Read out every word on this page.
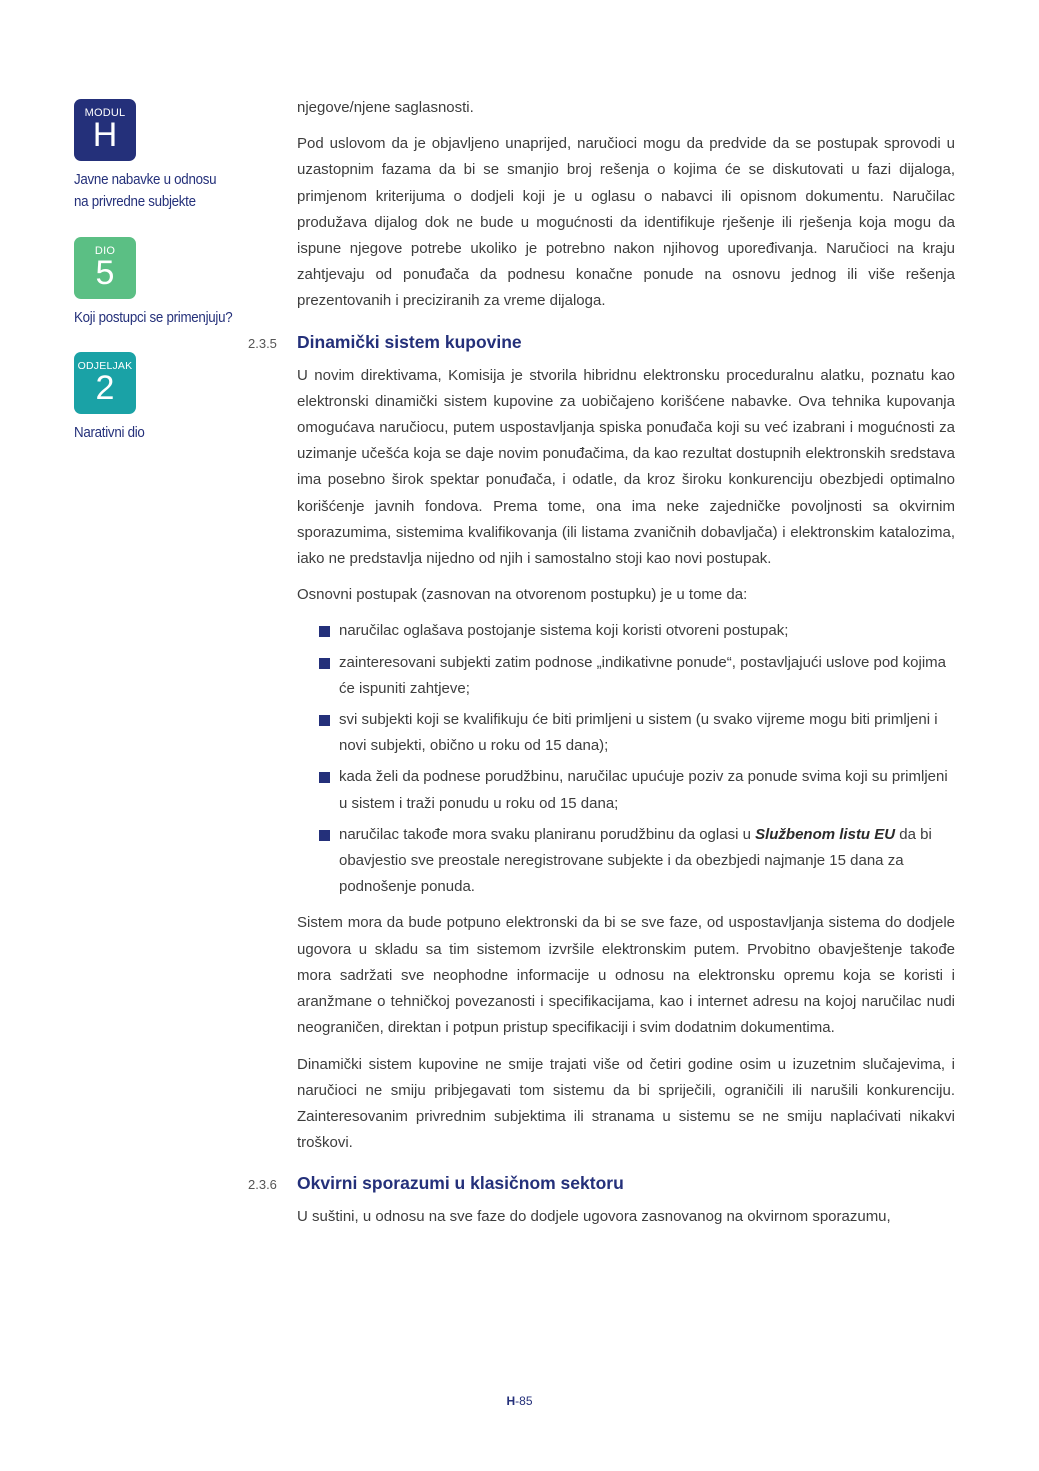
MODUL
H
Javne nabavke u odnosu
na privredne subjekte
DIO
5
Koji postupci se primenjuju?
ODJELJAK
2
Narativni dio

njegove/njene saglasnosti.

Pod uslovom da je objavljeno unaprijed, naručioci mogu da predvide da se postupak sprovodi u uzastopnim fazama da bi se smanjio broj rešenja o kojima će se diskutovati u fazi dijaloga, primjenom kriterijuma o dodjeli koji je u oglasu o nabavci ili opisnom dokumentu. Naručilac produžava dijalog dok ne bude u mogućnosti da identifikuje rješenje ili rješenja koja mogu da ispune njegove potrebe ukoliko je potrebno nakon njihovog upoređivanja. Naručioci na kraju zahtjevaju od ponuđača da podnesu konačne ponude na osnovu jednog ili više rešenja prezentovanih i preciziranih za vreme dijaloga.

2.3.5 Dinamički sistem kupovine

U novim direktivama, Komisija je stvorila hibridnu elektronsku proceduralnu alatku, poznatu kao elektronski dinamički sistem kupovine za uobičajeno korišćene nabavke. Ova tehnika kupovanja omogućava naručiocu, putem uspostavljanja spiska ponuđača koji su već izabrani i mogućnosti za uzimanje učešća koja se daje novim ponuđačima, da kao rezultat dostupnih elektronskih sredstava ima posebno širok spektar ponuđača, i odatle, da kroz široku konkurenciju obezbjedi optimalno korišćenje javnih fondova. Prema tome, ona ima neke zajedničke povoljnosti sa okvirnim sporazumima, sistemima kvalifikovanja (ili listama zvaničnih dobavljača) i elektronskim katalozima, iako ne predstavlja nijedno od njih i samostalno stoji kao novi postupak.

Osnovni postupak (zasnovan na otvorenom postupku) je u tome da:

naručilac oglašava postojanje sistema koji koristi otvoreni postupak;
zainteresovani subjekti zatim podnose „indikativne ponude“, postavljajući uslove pod kojima će ispuniti zahtjeve;
svi subjekti koji se kvalifikuju će biti primljeni u sistem (u svako vijreme mogu biti primljeni i novi subjekti, obično u roku od 15 dana);
kada želi da podnese porudžbinu, naručilac upućuje poziv za ponude svima koji su primljeni u sistem i traži ponudu u roku od 15 dana;
naručilac takođe mora svaku planiranu porudžbinu da oglasi u Službenom listu EU da bi obavjestio sve preostale neregistrovane subjekte i da obezbjedi najmanje 15 dana za podnošenje ponuda.

Sistem mora da bude potpuno elektronski da bi se sve faze, od uspostavljanja sistema do dodjele ugovora u skladu sa tim sistemom izvršile elektronskim putem. Prvobitno obavještenje takođe mora sadržati sve neophodne informacije u odnosu na elektronsku opremu koja se koristi i aranžmane o tehničkoj povezanosti i specifikacijama, kao i internet adresu na kojoj naručilac nudi neograničen, direktan i potpun pristup specifikaciji i svim dodatnim dokumentima.

Dinamički sistem kupovine ne smije trajati više od četiri godine osim u izuzetnim slučajevima, i naručioci ne smiju pribjegavati tom sistemu da bi spriječili, ograničili ili narušili konkurenciju. Zainteresovanim privrednim subjektima ili stranama u sistemu se ne smiju naplaćivati nikakvi troškovi.

2.3.6 Okvirni sporazumi u klasičnom sektoru

U suštini, u odnosu na sve faze do dodjele ugovora zasnovanog na okvirnom sporazumu,

H-85
